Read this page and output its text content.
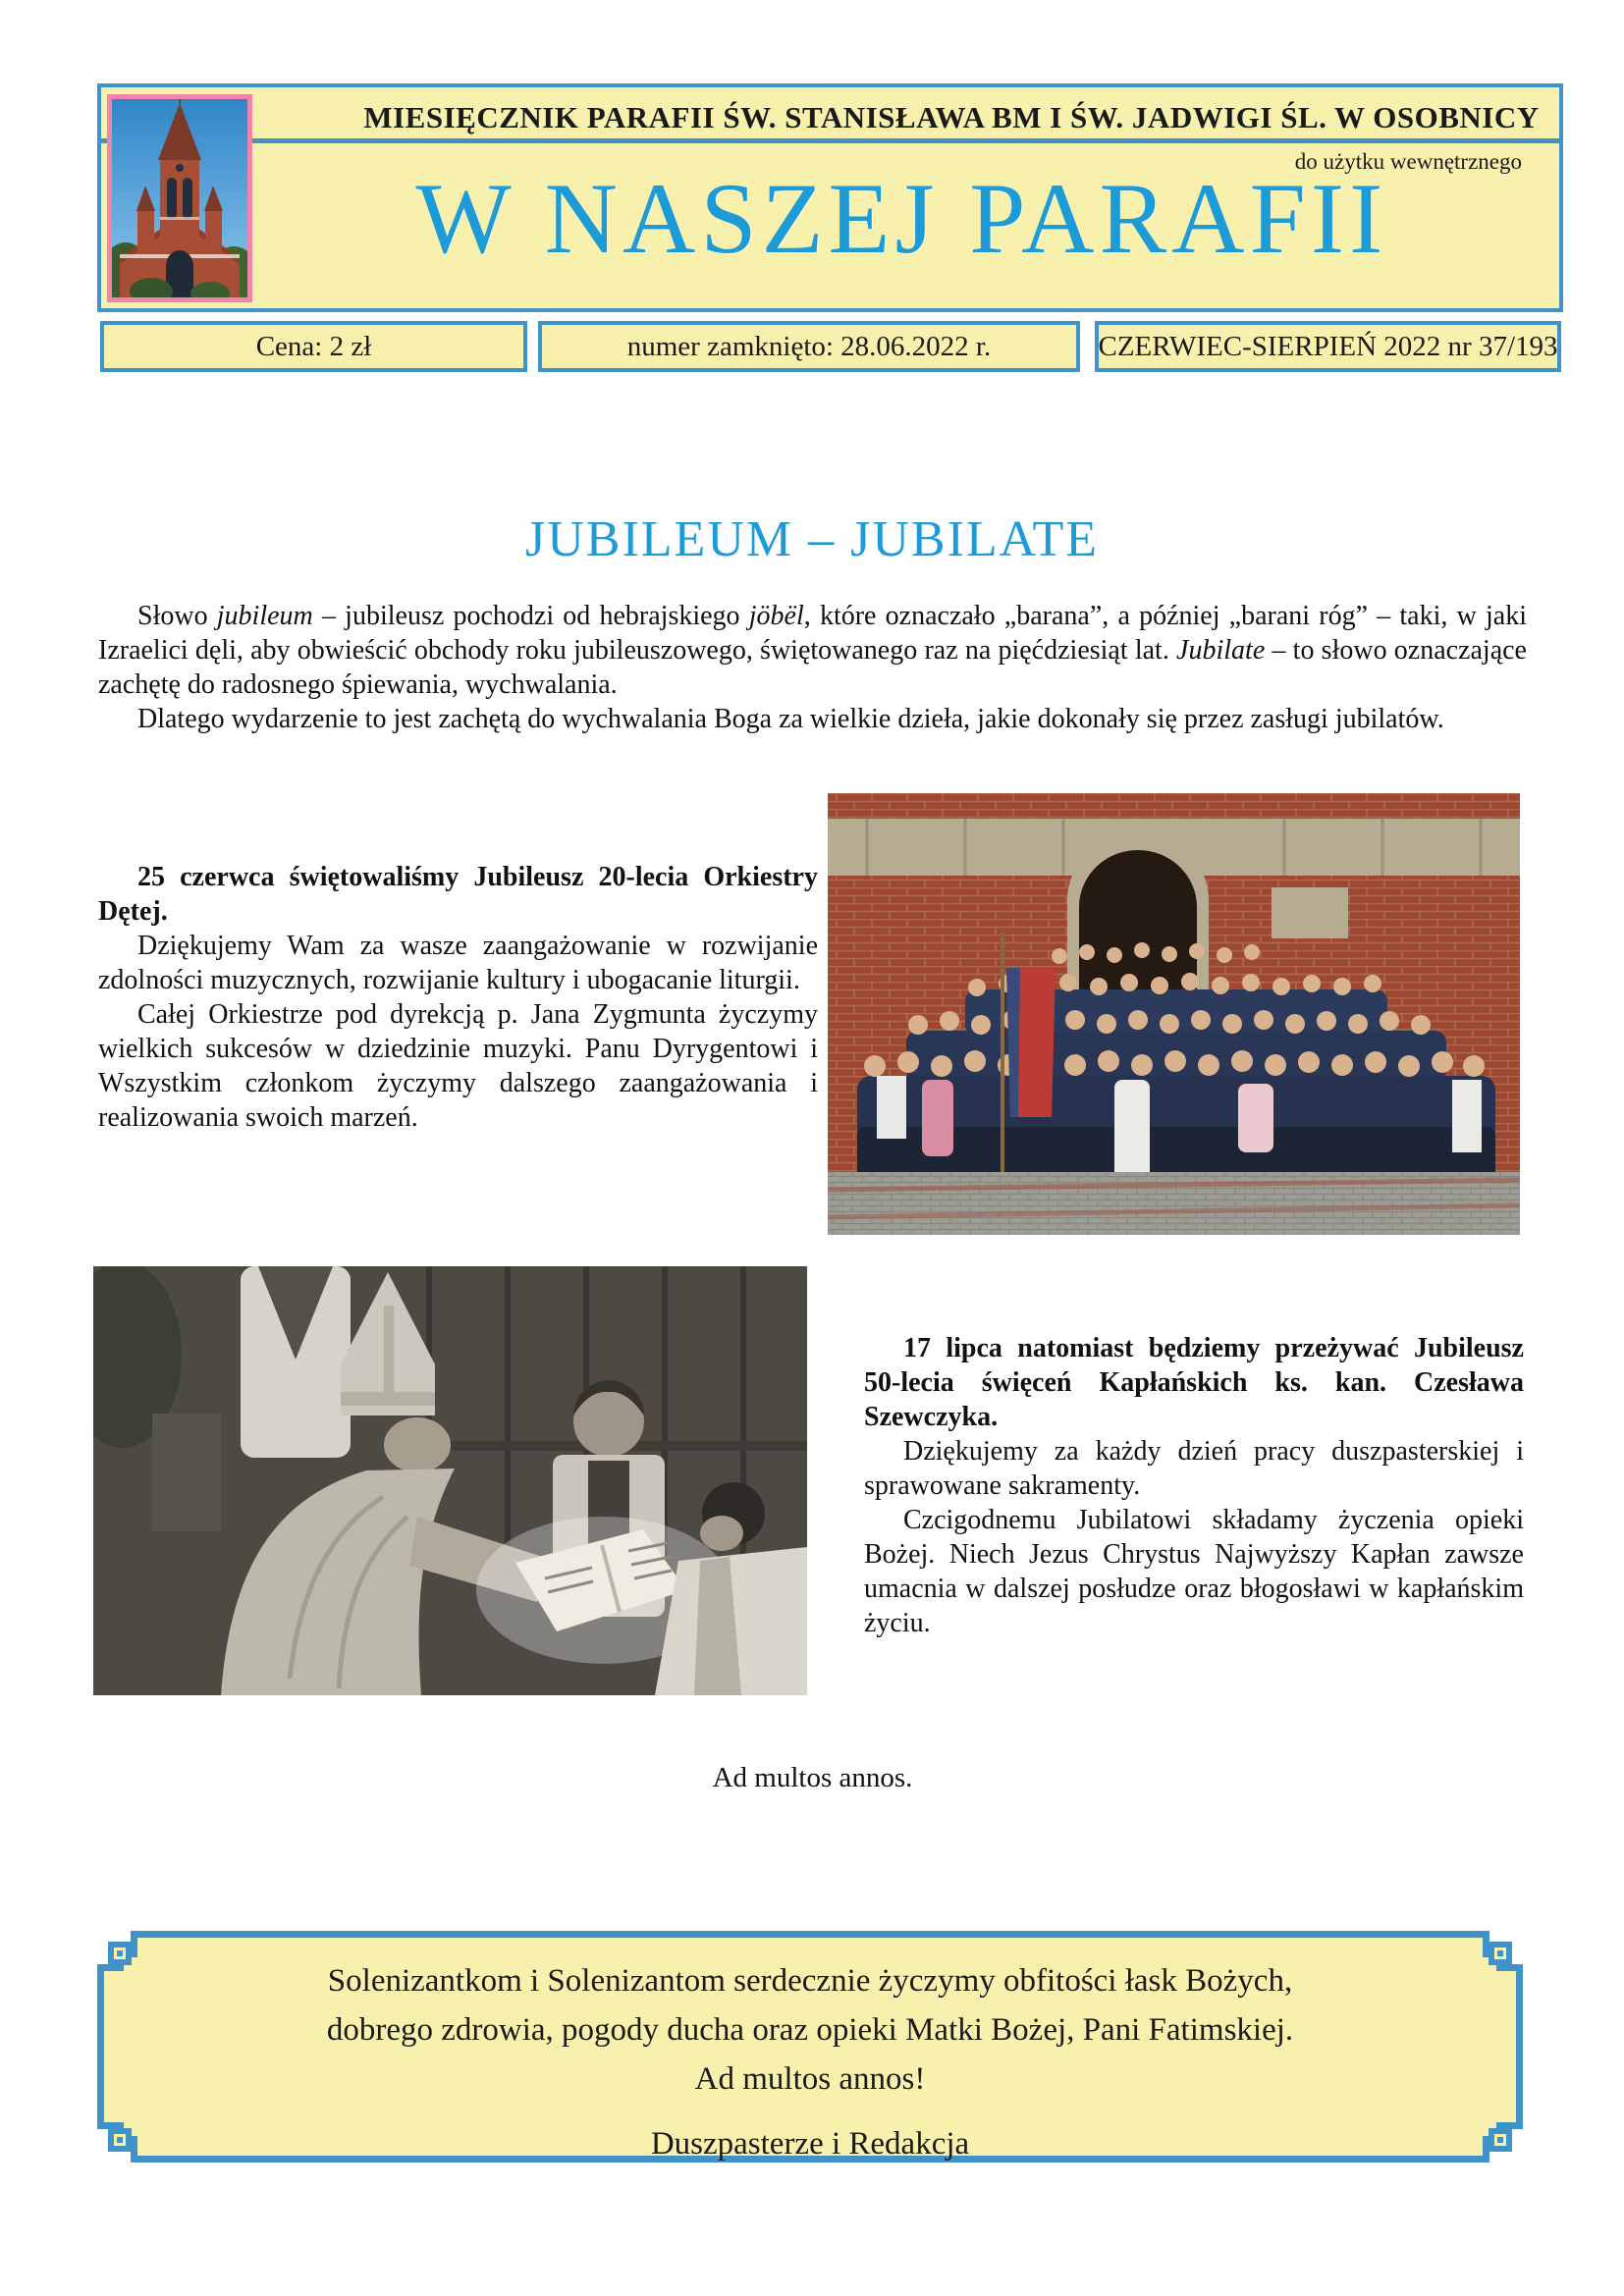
MIESIĘCZNIK PARAFII ŚW. STANISŁAWA BM I ŚW. JADWIGI ŚL. W OSOBNICY
do użytku wewnętrznego
W NASZEJ PARAFII
Cena: 2 zł	numer zamknięto: 28.06.2022 r.	CZERWIEC-SIERPIEŃ 2022 nr 37/193
JUBILEUM – JUBILATE

Słowo jubileum – jubileusz pochodzi od hebrajskiego jöbël, które oznaczało „barana”, a później „barani róg” – taki, w jaki Izraelici dęli, aby obwieścić obchody roku jubileuszowego, świętowanego raz na pięćdziesiąt lat. Jubilate – to słowo oznaczające zachętę do radosnego śpiewania, wychwalania.

Dlatego wydarzenie to jest zachętą do wychwalania Boga za wielkie dzieła, jakie dokonały się przez zasługi jubilatów.

25 czerwca świętowaliśmy Jubileusz 20-lecia Orkiestry Dętej.

Dziękujemy Wam za wasze zaangażowanie w rozwijanie zdolności muzycznych, rozwijanie kultury i ubogacanie liturgii.

Całej Orkiestrze pod dyrekcją p. Jana Zygmunta życzymy wielkich sukcesów w dziedzinie muzyki. Panu Dyrygentowi i Wszystkim członkom życzymy dalszego zaangażowania i realizowania swoich marzeń.

17 lipca natomiast będziemy przeżywać Jubileusz 50-lecia święceń Kapłańskich ks. kan. Czesława Szewczyka.

Dziękujemy za każdy dzień pracy duszpasterskiej i sprawowane sakramenty.

Czcigodnemu Jubilatowi składamy życzenia opieki Bożej. Niech Jezus Chrystus Najwyższy Kapłan zawsze umacnia w dalszej posłudze oraz błogosławi w kapłańskim życiu.

Ad multos annos.
Solenizantkom i Solenizantom serdecznie życzymy obfitości łask Bożych,
dobrego zdrowia, pogody ducha oraz opieki Matki Bożej, Pani Fatimskiej.
Ad multos annos!
Duszpasterze i Redakcja
